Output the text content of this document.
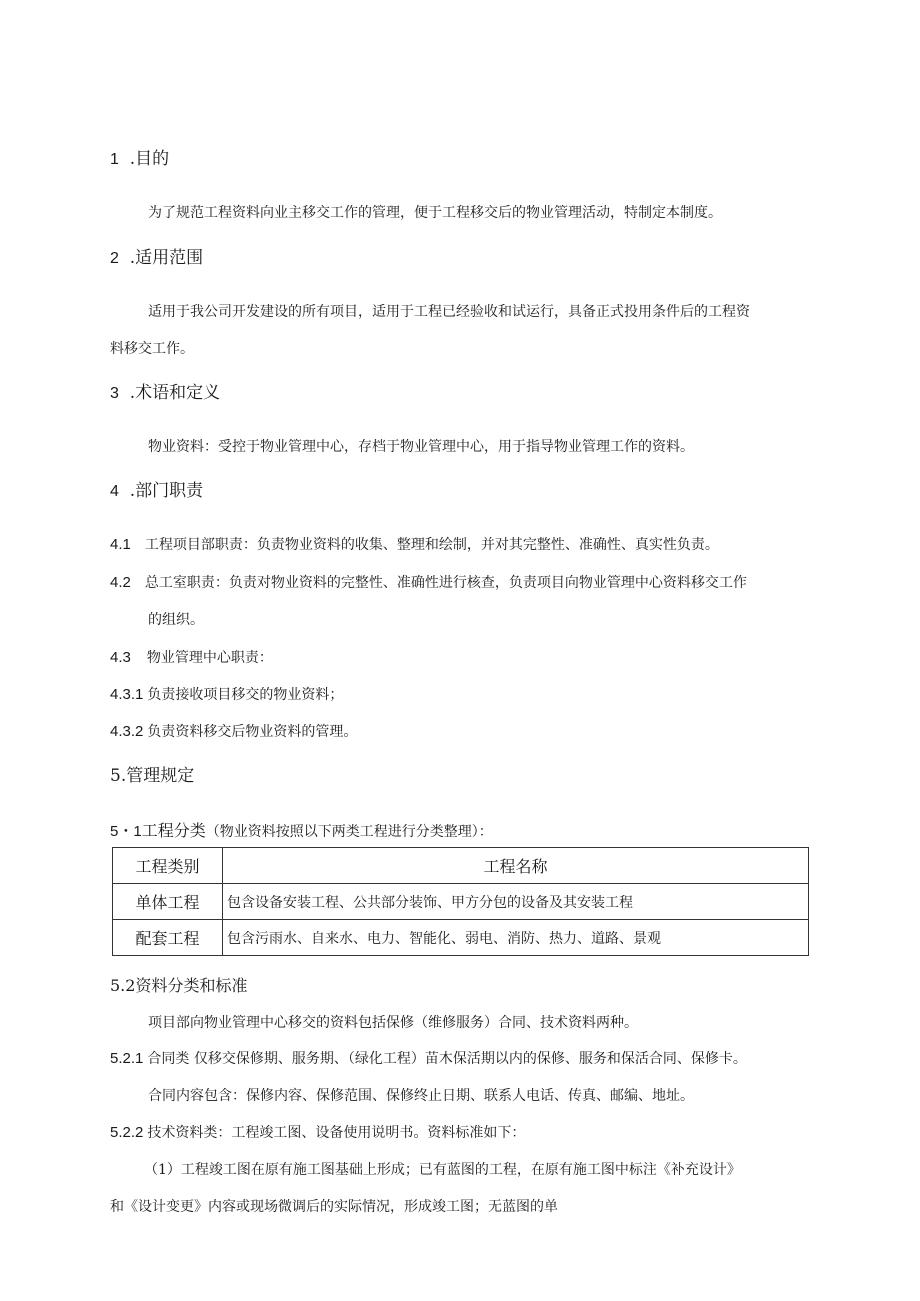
1 .目的
为了规范工程资料向业主移交工作的管理，便于工程移交后的物业管理活动，特制定本制度。
2 .适用范围
适用于我公司开发建设的所有项目，适用于工程已经验收和试运行，具备正式投用条件后的工程资
料移交工作。
3 .术语和定义
物业资料：受控于物业管理中心，存档于物业管理中心，用于指导物业管理工作的资料。
4 .部门职责
4.1 工程项目部职责：负责物业资料的收集、整理和绘制，并对其完整性、准确性、真实性负责。
4.2 总工室职责：负责对物业资料的完整性、准确性进行核查，负责项目向物业管理中心资料移交工作
的组织。
4.3 物业管理中心职责：
4.3.1 负责接收项目移交的物业资料；
4.3.2 负责资料移交后物业资料的管理。
5.管理规定
5・1工程分类（物业资料按照以下两类工程进行分类整理）：
工程类别	工程名称
单体工程	包含设备安装工程、公共部分装饰、甲方分包的设备及其安装工程
配套工程	包含污雨水、自来水、电力、智能化、弱电、消防、热力、道路、景观
5.2资料分类和标准
项目部向物业管理中心移交的资料包括保修（维修服务）合同、技术资料两种。
5.2.1 合同类 仅移交保修期、服务期、（绿化工程）苗木保活期以内的保修、服务和保活合同、保修卡。
合同内容包含：保修内容、保修范围、保修终止日期、联系人电话、传真、邮编、地址。
5.2.2 技术资料类：工程竣工图、设备使用说明书。资料标准如下：
（1）工程竣工图在原有施工图基础上形成；已有蓝图的工程，在原有施工图中标注《补充设计》
和《设计变更》内容或现场微调后的实际情况，形成竣工图；无蓝图的单
